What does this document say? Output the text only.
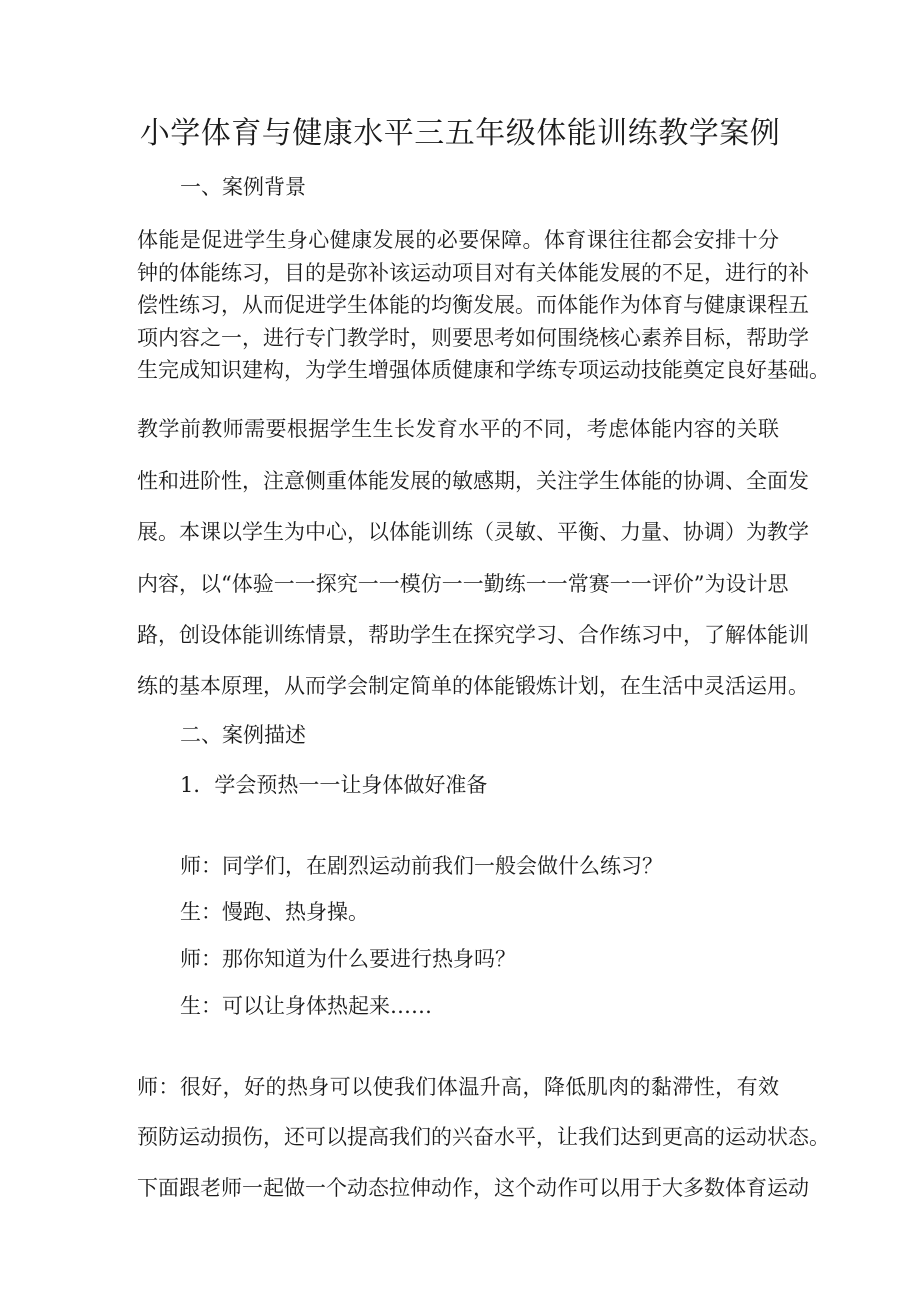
小学体育与健康水平三五年级体能训练教学案例

一、案例背景

体能是促进学生身心健康发展的必要保障。体育课往往都会安排十分

钟的体能练习，目的是弥补该运动项目对有关体能发展的不足，进行的补

偿性练习，从而促进学生体能的均衡发展。而体能作为体育与健康课程五

项内容之一，进行专门教学时，则要思考如何围绕核心素养目标，帮助学

生完成知识建构，为学生增强体质健康和学练专项运动技能奠定良好基础。

教学前教师需要根据学生生长发育水平的不同，考虑体能内容的关联

性和进阶性，注意侧重体能发展的敏感期，关注学生体能的协调、全面发

展。本课以学生为中心，以体能训练（灵敏、平衡、力量、协调）为教学

内容，以“体验一一探究一一模仿一一勤练一一常赛一一评价”为设计思

路，创设体能训练情景，帮助学生在探究学习、合作练习中，了解体能训

练的基本原理，从而学会制定简单的体能锻炼计划，在生活中灵活运用。

二、案例描述

1．学会预热一一让身体做好准备

师：同学们，在剧烈运动前我们一般会做什么练习？

生：慢跑、热身操。

师：那你知道为什么要进行热身吗？

生：可以让身体热起来……

师：很好，好的热身可以使我们体温升高，降低肌肉的黏滞性，有效

预防运动损伤，还可以提高我们的兴奋水平，让我们达到更高的运动状态。

下面跟老师一起做一个动态拉伸动作，这个动作可以用于大多数体育运动
